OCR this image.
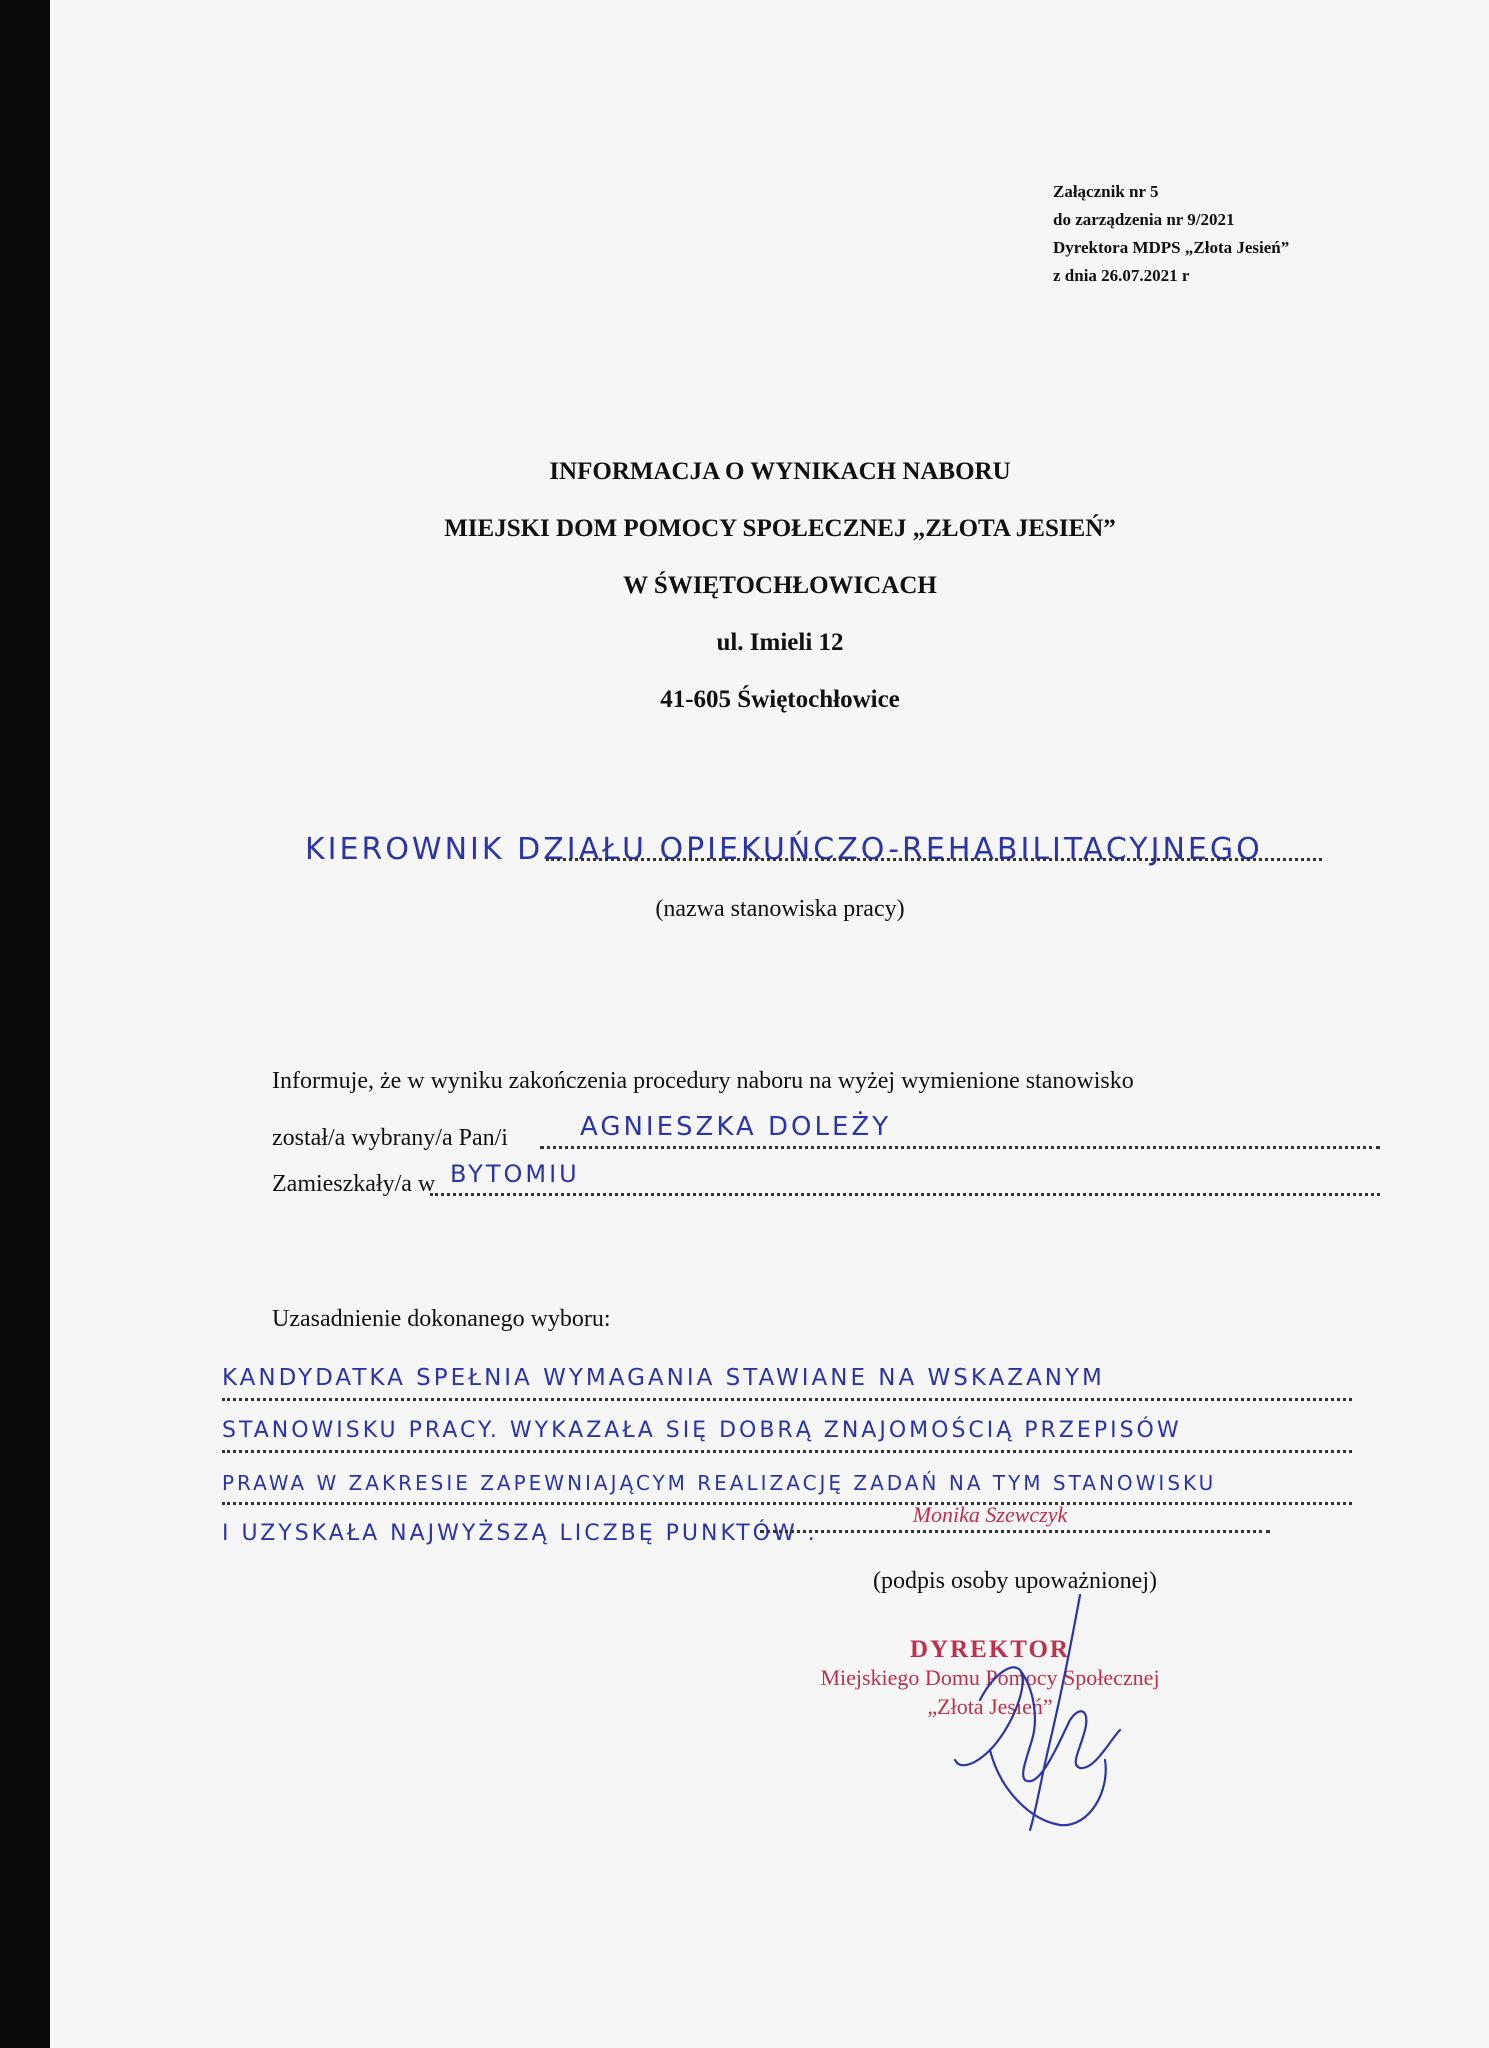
Załącznik nr 5
do zarządzenia nr 9/2021
Dyrektora MDPS „Złota Jesień”
z dnia 26.07.2021 r
INFORMACJA O WYNIKACH NABORU
MIEJSKI DOM POMOCY SPOŁECZNEJ „ZŁOTA JESIEŃ”
W ŚWIĘTOCHŁOWICACH
ul. Imieli 12
41-605 Świętochłowice
KIEROWNIK DZIAŁU OPIEKUŃCZO-REHABILITACYJNEGO
(nazwa stanowiska pracy)
Informuje, że w wyniku zakończenia procedury naboru na wyżej wymienione stanowisko
został/a wybrany/a Pan/i	AGNIESZKA DOLEŻY
Zamieszkały/a w BYTOMIU
Uzasadnienie dokonanego wyboru:
KANDYDATKA SPEŁNIA WYMAGANIA STAWIANE NA WSKAZANYM
STANOWISKU PRACY. WYKAZAŁA SIĘ DOBRĄ ZNAJOMOŚCIĄ PRZEPISÓW
PRAWA W ZAKRESIE ZAPEWNIAJĄCYM REALIZACJĘ ZADAŃ NA TYM STANOWISKU
I UZYSKAŁA NAJWYŻSZĄ LICZBĘ PUNKTÓW .
DYREKTOR
Miejskiego Domu Pomocy Społecznej
„Złota Jesień”
Monika Szewczyk
(podpis osoby upoważnionej)
